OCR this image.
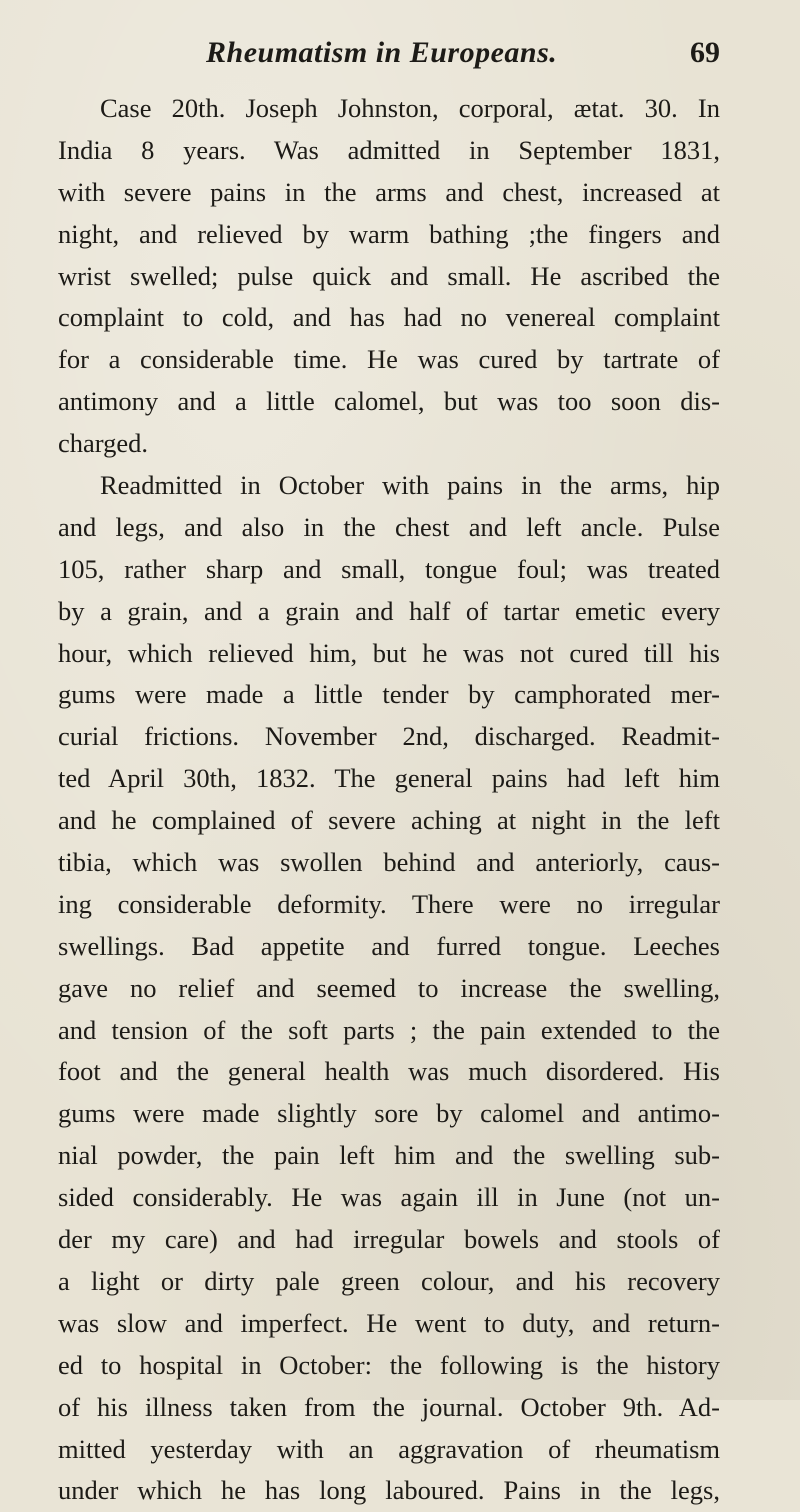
Rheumatism in Europeans.	69
Case 20th. Joseph Johnston, corporal, ætat. 30. In
India 8 years. Was admitted in September 1831,
with severe pains in the arms and chest, increased at
night, and relieved by warm bathing ;the fingers and
wrist swelled; pulse quick and small. He ascribed the
complaint to cold, and has had no venereal complaint
for a considerable time. He was cured by tartrate of
antimony and a little calomel, but was too soon dis-
charged.
Readmitted in October with pains in the arms, hip
and legs, and also in the chest and left ancle. Pulse
105, rather sharp and small, tongue foul; was treated
by a grain, and a grain and half of tartar emetic every
hour, which relieved him, but he was not cured till his
gums were made a little tender by camphorated mer-
curial frictions. November 2nd, discharged. Readmit-
ted April 30th, 1832. The general pains had left him
and he complained of severe aching at night in the left
tibia, which was swollen behind and anteriorly, caus-
ing considerable deformity. There were no irregular
swellings. Bad appetite and furred tongue. Leeches
gave no relief and seemed to increase the swelling,
and tension of the soft parts ; the pain extended to the
foot and the general health was much disordered. His
gums were made slightly sore by calomel and antimo-
nial powder, the pain left him and the swelling sub-
sided considerably. He was again ill in June (not un-
der my care) and had irregular bowels and stools of
a light or dirty pale green colour, and his recovery
was slow and imperfect. He went to duty, and return-
ed to hospital in October: the following is the history
of his illness taken from the journal. October 9th. Ad-
mitted yesterday with an aggravation of rheumatism
under which he has long laboured. Pains in the legs,
